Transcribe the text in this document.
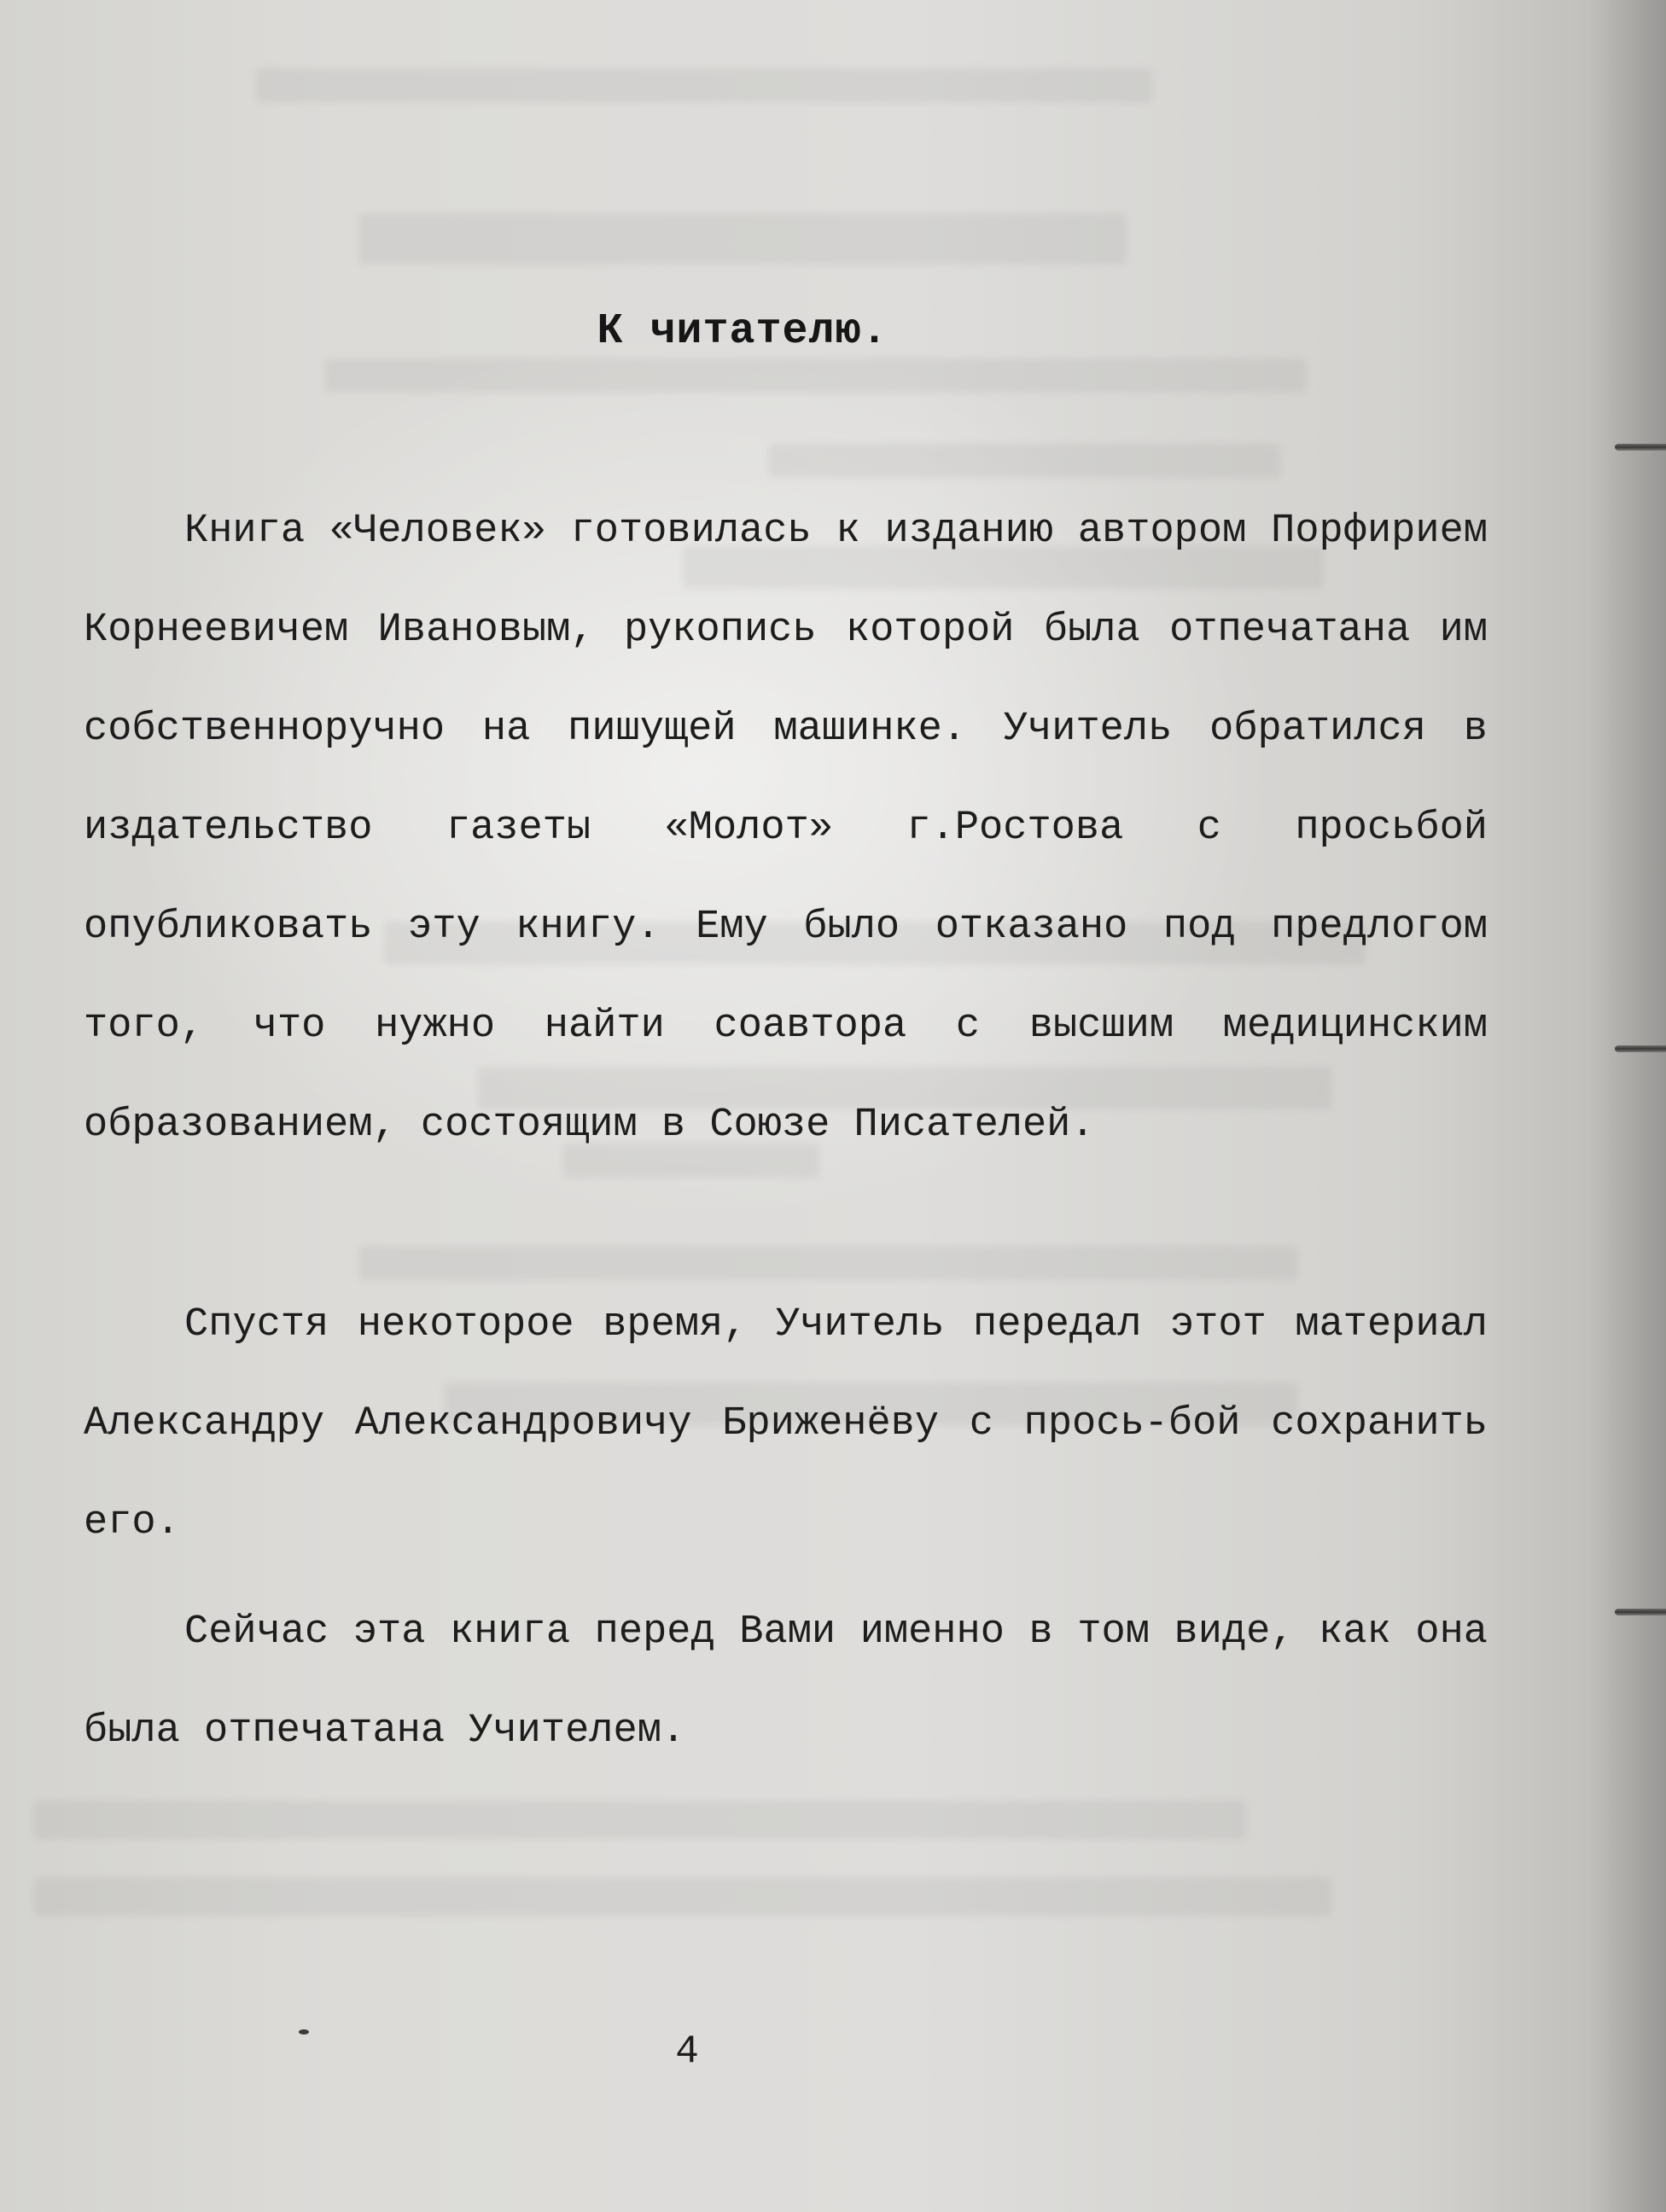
К читателю.

Книга «Человек» готовилась к изданию автором Порфирием Корнеевичем Ивановым, рукопись которой была отпечатана им собственноручно на пишущей машинке. Учитель обратился в издательство газеты «Молот» г.Ростова с просьбой опубликовать эту книгу. Ему было отказано под предлогом того, что нужно найти соавтора с высшим медицинским образованием, состоящим в Союзе Писателей.

Спустя некоторое время, Учитель передал этот материал Александру Александровичу Бриженёву с прось-бой сохранить его.

Сейчас эта книга перед Вами именно в том виде, как она была отпечатана Учителем.

4
